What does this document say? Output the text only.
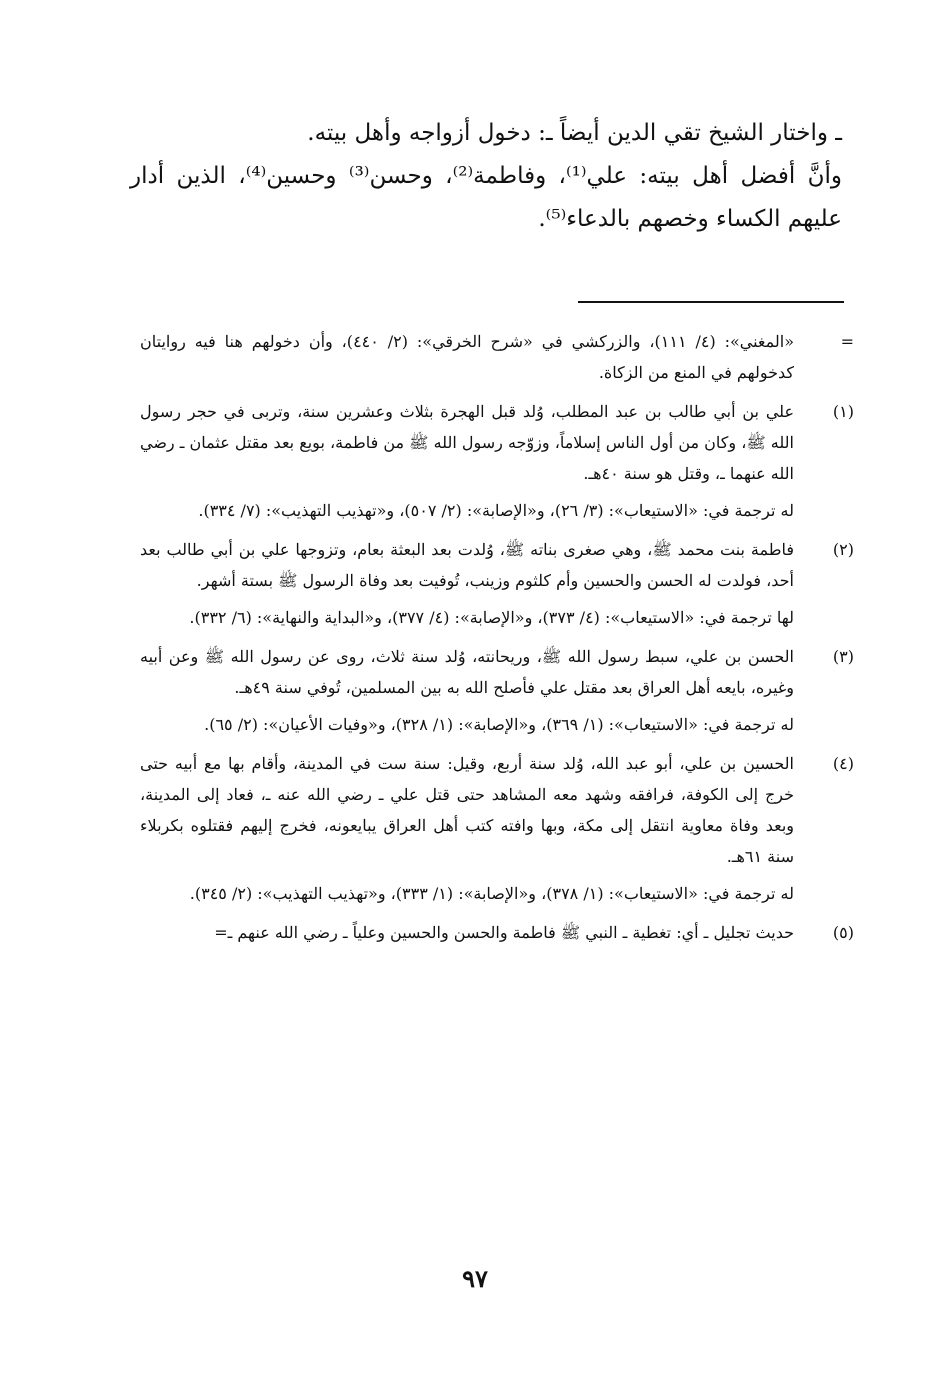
ـ واختار الشيخ تقي الدين أيضاً ـ: دخول أزواجه وأهل بيته.

وأنَّ أفضل أهل بيته: علي⁽¹⁾، وفاطمة⁽²⁾، وحسن⁽³⁾ وحسين⁽⁴⁾، الذين أدار عليهم الكساء وخصهم بالدعاء⁽⁵⁾.

=

«المغني»: (٤/ ١١١)، والزركشي في «شرح الخرقي»: (٢/ ٤٤٠)، وأن دخولهم هنا فيه روايتان كدخولهم في المنع من الزكاة.

(١)

علي بن أبي طالب بن عبد المطلب، وُلد قبل الهجرة بثلاث وعشرين سنة، وتربى في حجر رسول الله ﷺ، وكان من أول الناس إسلاماً، وزوّجه رسول الله ﷺ من فاطمة، بويع بعد مقتل عثمان ـ رضي الله عنهما ـ، وقتل هو سنة ٤٠هـ.

له ترجمة في: «الاستيعاب»: (٣/ ٢٦)، و«الإصابة»: (٢/ ٥٠٧)، و«تهذيب التهذيب»: (٧/ ٣٣٤).

(٢)

فاطمة بنت محمد ﷺ، وهي صغرى بناته ﷺ، وُلدت بعد البعثة بعام، وتزوجها علي بن أبي طالب بعد أحد، فولدت له الحسن والحسين وأم كلثوم وزينب، تُوفيت بعد وفاة الرسول ﷺ بستة أشهر.

لها ترجمة في: «الاستيعاب»: (٤/ ٣٧٣)، و«الإصابة»: (٤/ ٣٧٧)، و«البداية والنهاية»: (٦/ ٣٣٢).

(٣)

الحسن بن علي، سبط رسول الله ﷺ، وريحانته، وُلد سنة ثلاث، روى عن رسول الله ﷺ وعن أبيه وغيره، بايعه أهل العراق بعد مقتل علي فأصلح الله به بين المسلمين، تُوفي سنة ٤٩هـ.

له ترجمة في: «الاستيعاب»: (١/ ٣٦٩)، و«الإصابة»: (١/ ٣٢٨)، و«وفيات الأعيان»: (٢/ ٦٥).

(٤)

الحسين بن علي، أبو عبد الله، وُلد سنة أربع، وقيل: سنة ست في المدينة، وأقام بها مع أبيه حتى خرج إلى الكوفة، فرافقه وشهد معه المشاهد حتى قتل علي ـ رضي الله عنه ـ، فعاد إلى المدينة، وبعد وفاة معاوية انتقل إلى مكة، وبها وافته كتب أهل العراق يبايعونه، فخرج إليهم فقتلوه بكربلاء سنة ٦١هـ.

له ترجمة في: «الاستيعاب»: (١/ ٣٧٨)، و«الإصابة»: (١/ ٣٣٣)، و«تهذيب التهذيب»: (٢/ ٣٤٥).

(٥)

حديث تجليل ـ أي: تغطية ـ النبي ﷺ فاطمة والحسن والحسين وعلياً ـ رضي الله عنهم ـ=

٩٧
